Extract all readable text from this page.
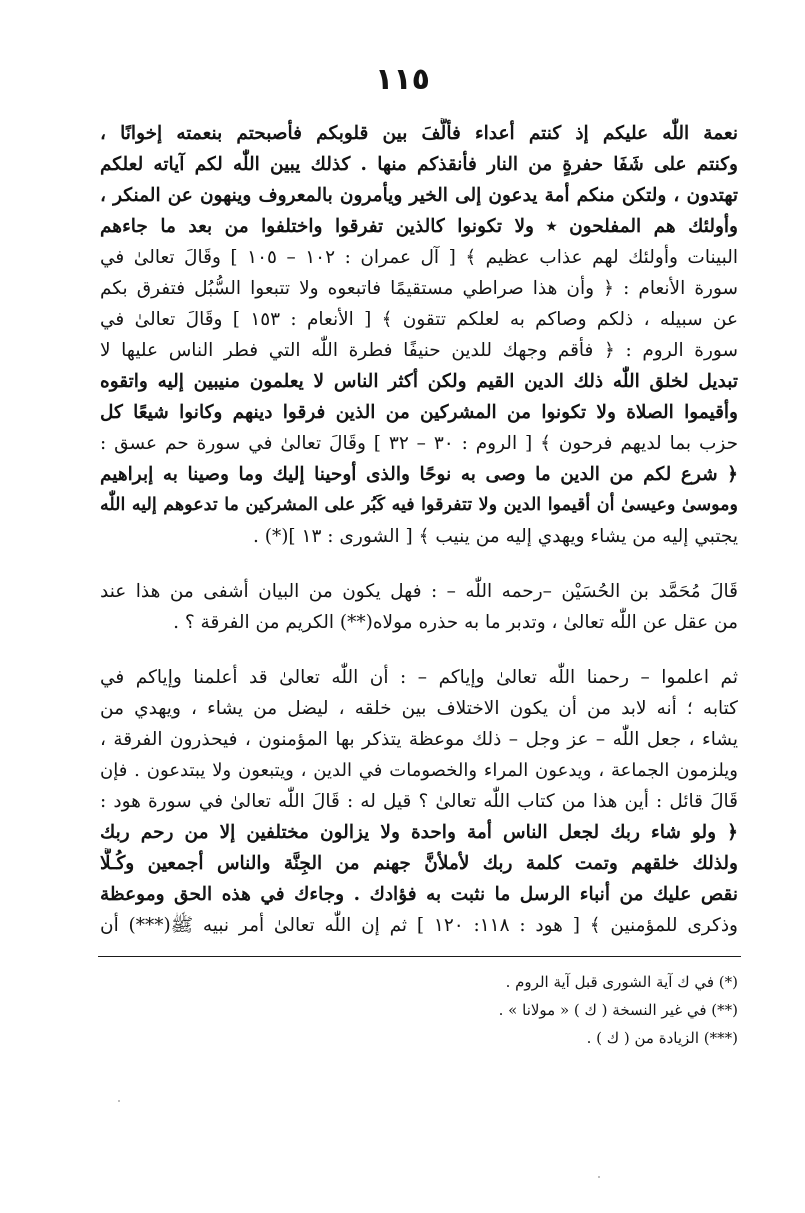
١١٥
نعمة اللّٰه عليكم إذ كنتم أعداء فألَّفَ بين قلوبكم فأصبحتم بنعمته إخوانًا ،
وكنتم على شَفَا حفرةٍ من النار فأنقذكم منها . كذلك يبين اللّٰه لكم آياته لعلكم
تهتدون ، ولتكن منكم أمة يدعون إلى الخير ويأمرون بالمعروف وينهون عن المنكر ،
وأولئك هم المفلحون ٭ ولا تكونوا كالذين تفرقوا واختلفوا من بعد ما جاءهم
البينات وأولئك لهم عذاب عظيم ﴾ [ آل عمران : ١٠٢ – ١٠٥ ] وقَالَ تعالىٰ في
سورة الأنعام : ﴿ وأن هذا صراطي مستقيمًا فاتبعوه ولا تتبعوا السُّبُل فتفرق بكم
عن سبيله ، ذلكم وصاكم به لعلكم تتقون ﴾ [ الأنعام : ١٥٣ ] وقَالَ تعالىٰ في
سورة الروم : ﴿ فأقم وجهك للدين حنيفًا فطرة اللّٰه التي فطر الناس عليها لا
تبديل لخلق اللّٰه ذلك الدين القيم ولكن أكثر الناس لا يعلمون منيبين إليه واتقوه
وأقيموا الصلاة ولا تكونوا من المشركين من الذين فرقوا دينهم وكانوا شيعًا كل
حزب بما لديهم فرحون ﴾ [ الروم : ٣٠ – ٣٢ ] وقَالَ تعالىٰ في سورة حم عسق :
﴿ شرع لكم من الدين ما وصى به نوحًا والذى أوحينا إليك وما وصينا به إبراهيم
وموسىٰ وعيسىٰ أن أقيموا الدين ولا تتفرقوا فيه كَبُر على المشركين ما تدعوهم إليه اللّٰه
يجتبي إليه من يشاء ويهدي إليه من ينيب ﴾ [ الشورى : ١٣ ](*) .
قَالَ مُحَمَّد بن الحُسَيْن –رحمه اللّٰه – : فهل يكون من البيان أشفى من هذا عند
من عقل عن اللّٰه تعالىٰ ، وتدبر ما به حذره مولاه(**) الكريم من الفرقة ؟ .
ثم اعلموا – رحمنا اللّٰه تعالىٰ وإياكم – : أن اللّٰه تعالىٰ قد أعلمنا وإياكم في
كتابه ؛ أنه لابد من أن يكون الاختلاف بين خلقه ، ليضل من يشاء ، ويهدي من
يشاء ، جعل اللّٰه – عز وجل – ذلك موعظة يتذكر بها المؤمنون ، فيحذرون الفرقة ،
ويلزمون الجماعة ، ويدعون المراء والخصومات في الدين ، ويتبعون ولا يبتدعون . فإن
قَالَ قائل : أين هذا من كتاب اللّٰه تعالىٰ ؟ قيل له : قَالَ اللّٰه تعالىٰ في سورة هود :
﴿ ولو شاء ربك لجعل الناس أمة واحدة ولا يزالون مختلفين إلا من رحم ربك
ولذلك خلقهم وتمت كلمة ربك لأملأنَّ جهنم من الجِنَّة والناس أجمعين وكُـلًّا
نقص عليك من أنباء الرسل ما نثبت به فؤادك . وجاءك في هذه الحق وموعظة
وذكرى للمؤمنين ﴾ [ هود : ١١٨: ١٢٠ ] ثم إن اللّٰه تعالىٰ أمر نبيه ﷺ(***) أن
(*) في ك آية الشورى قبل آية الروم .
(**) في غير النسخة ( ك ) « مولانا » .
(***) الزيادة من ( ك ) .
